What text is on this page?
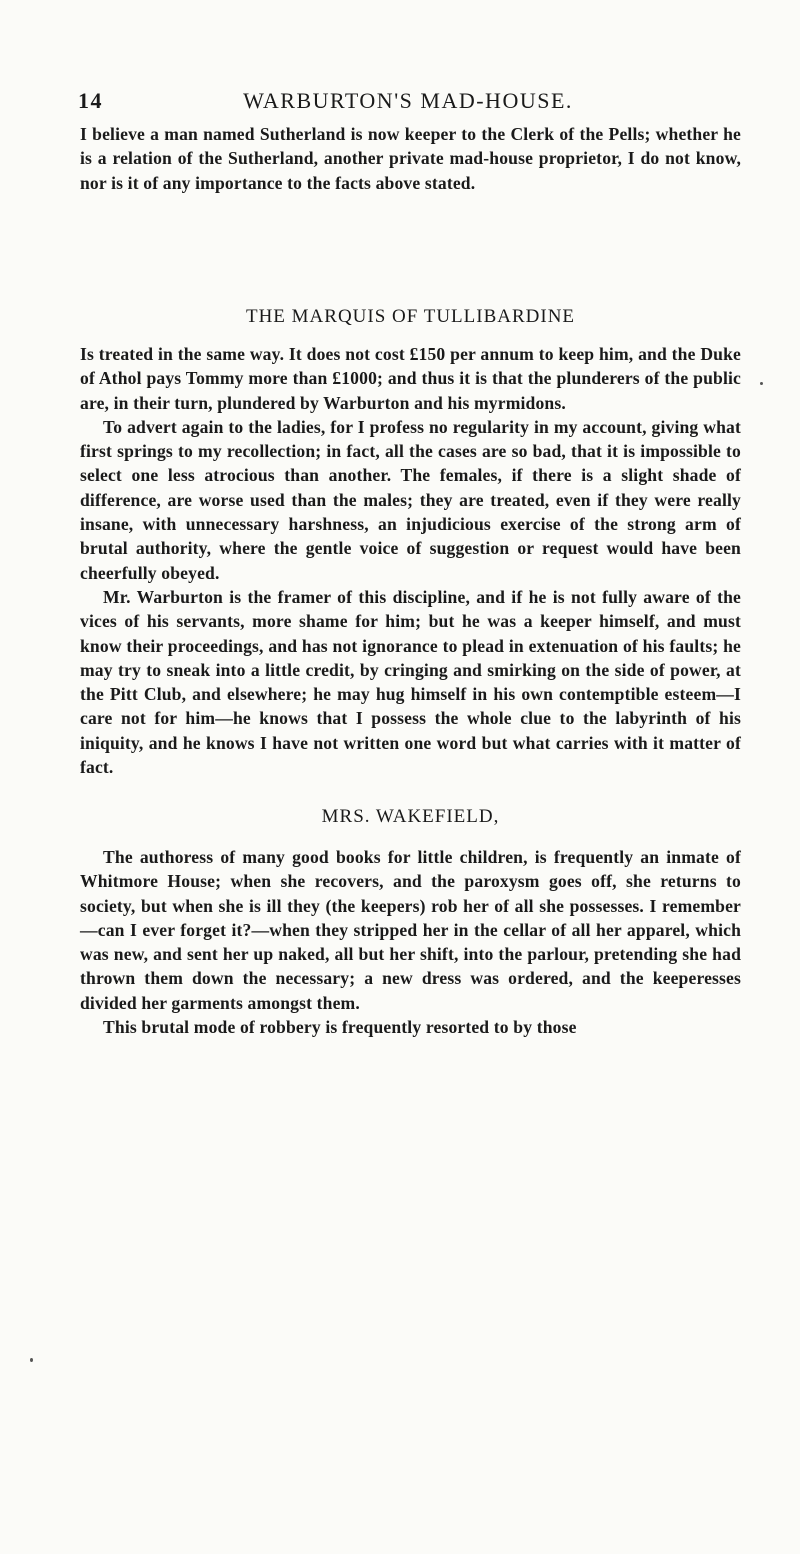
14	WARBURTON'S MAD-HOUSE.

I believe a man named Sutherland is now keeper to the Clerk of the Pells; whether he is a relation of the Sutherland, another private mad-house proprietor, I do not know, nor is it of any importance to the facts above stated.

THE MARQUIS OF TULLIBARDINE

Is treated in the same way. It does not cost £150 per annum to keep him, and the Duke of Athol pays Tommy more than £1000; and thus it is that the plunderers of the public are, in their turn, plundered by Warburton and his myrmidons.

To advert again to the ladies, for I profess no regularity in my account, giving what first springs to my recollection; in fact, all the cases are so bad, that it is impossible to select one less atrocious than another. The females, if there is a slight shade of difference, are worse used than the males; they are treated, even if they were really insane, with unnecessary harshness, an injudicious exercise of the strong arm of brutal authority, where the gentle voice of suggestion or request would have been cheerfully obeyed.

Mr. Warburton is the framer of this discipline, and if he is not fully aware of the vices of his servants, more shame for him; but he was a keeper himself, and must know their proceedings, and has not ignorance to plead in extenuation of his faults; he may try to sneak into a little credit, by cringing and smirking on the side of power, at the Pitt Club, and elsewhere; he may hug himself in his own contemptible esteem—I care not for him—he knows that I possess the whole clue to the labyrinth of his iniquity, and he knows I have not written one word but what carries with it matter of fact.

MRS. WAKEFIELD,

The authoress of many good books for little children, is frequently an inmate of Whitmore House; when she recovers, and the paroxysm goes off, she returns to society, but when she is ill they (the keepers) rob her of all she possesses. I remember—can I ever forget it?—when they stripped her in the cellar of all her apparel, which was new, and sent her up naked, all but her shift, into the parlour, pretending she had thrown them down the necessary; a new dress was ordered, and the keeperesses divided her garments amongst them.

This brutal mode of robbery is frequently resorted to by those
